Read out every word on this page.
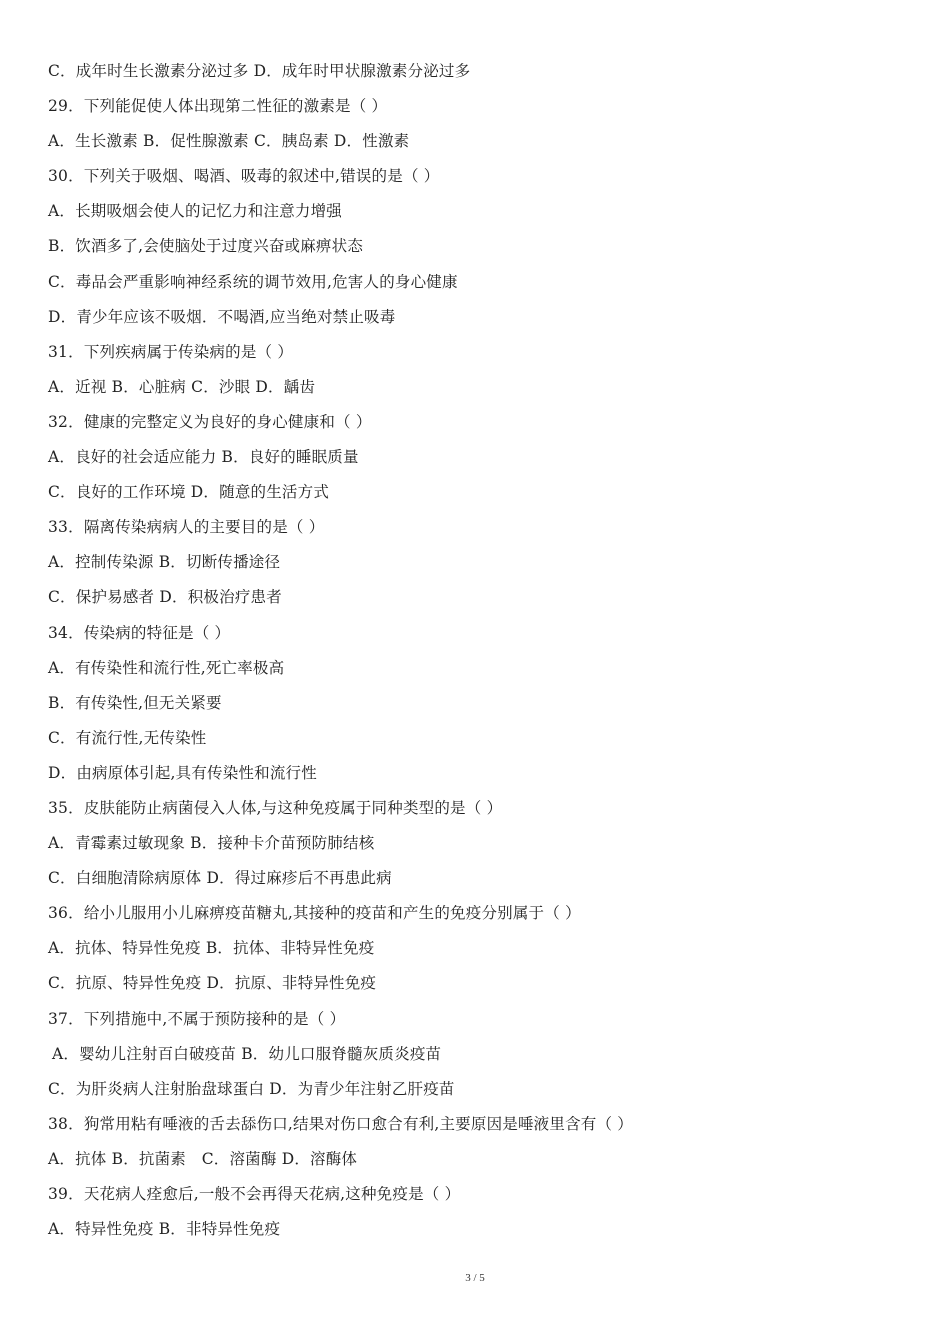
C．成年时生长激素分泌过多 D．成年时甲状腺激素分泌过多
29．下列能促使人体出现第二性征的激素是（ ）
A．生长激素 B．促性腺激素 C．胰岛素 D．性激素
30．下列关于吸烟、喝酒、吸毒的叙述中,错误的是（ ）
A．长期吸烟会使人的记忆力和注意力增强
B．饮酒多了,会使脑处于过度兴奋或麻痹状态
C．毒品会严重影响神经系统的调节效用,危害人的身心健康
D．青少年应该不吸烟．不喝酒,应当绝对禁止吸毒
31．下列疾病属于传染病的是（ ）
A．近视 B．心脏病 C．沙眼 D．龋齿
32．健康的完整定义为良好的身心健康和（ ）
A．良好的社会适应能力 B．良好的睡眠质量
C．良好的工作环境 D．随意的生活方式
33．隔离传染病病人的主要目的是（ ）
A．控制传染源 B．切断传播途径
C．保护易感者 D．积极治疗患者
34．传染病的特征是（ ）
A．有传染性和流行性,死亡率极高
B．有传染性,但无关紧要
C．有流行性,无传染性
D．由病原体引起,具有传染性和流行性
35．皮肤能防止病菌侵入人体,与这种免疫属于同种类型的是（ ）
A．青霉素过敏现象 B．接种卡介苗预防肺结核
C．白细胞清除病原体 D．得过麻疹后不再患此病
36．给小儿服用小儿麻痹疫苗糖丸,其接种的疫苗和产生的免疫分别属于（ ）
A．抗体、特异性免疫 B．抗体、非特异性免疫
C．抗原、特异性免疫 D．抗原、非特异性免疫
37．下列措施中,不属于预防接种的是（ ）
A．婴幼儿注射百白破疫苗 B．幼儿口服脊髓灰质炎疫苗
C．为肝炎病人注射胎盘球蛋白 D．为青少年注射乙肝疫苗
38．狗常用粘有唾液的舌去舔伤口,结果对伤口愈合有利,主要原因是唾液里含有（ ）
A．抗体 B．抗菌素　C．溶菌酶 D．溶酶体
39．天花病人痊愈后,一般不会再得天花病,这种免疫是（ ）
A．特异性免疫 B．非特异性免疫
3 / 5
